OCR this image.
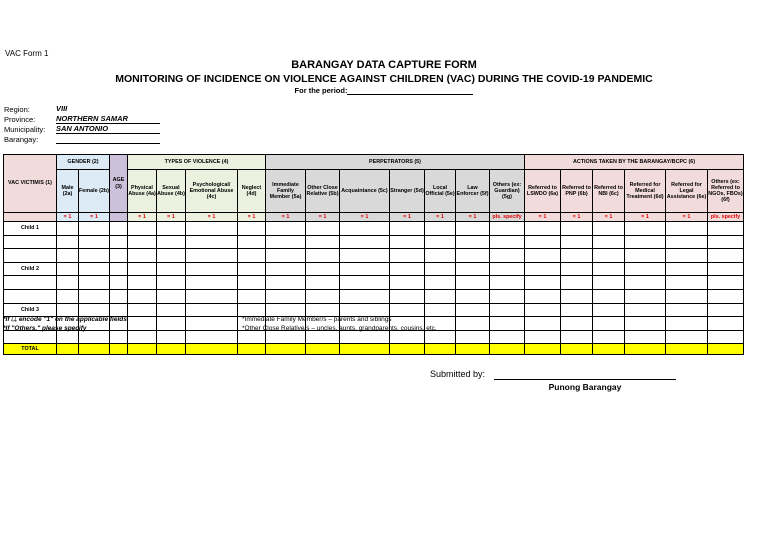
VAC Form 1
BARANGAY DATA CAPTURE FORM
MONITORING OF INCIDENCE ON VIOLENCE AGAINST CHILDREN (VAC) DURING THE COVID-19 PANDEMIC
For the period:
Region:	VIII
Province:	NORTHERN SAMAR
Municipality: SAN ANTONIO
Barangay:
VAC VICTIM/S (1)	GENDER (2)		AGE (3)	TYPES OF VIOLENCE (4)				PERPETRATORS (5)							ACTIONS TAKEN BY THE BARANGAY/BCPC (6)					
	Male (2a)	Female (2b)		Physical Abuse (4a)	Sexual Abuse (4b)	Psychological/ Emotional Abuse (4c)	Neglect (4d)	Immediate Family Member (5a)	Other Close Relative (5b)	Acquaintance (5c)	Stranger (5d)	Local Official (5e)	Law Enforcer (5f)	Others (ex: Guardian) (5g)	Referred to LSWDO (6a)	Referred to PNP (6b)	Referred to NBI (6c)	Referred for Medical Treatment (6d)	Referred for Legal Assistance (6e)	Others (ex: Referred to NGOs, FBOs) (6f)
	= 1	= 1		= 1	= 1	= 1	= 1	= 1	= 1	= 1	= 1	= 1	= 1	pls. specify	= 1	= 1	= 1	= 1	= 1	pls. specify
Child 1																				

Child 2																				

Child 3																				

TOTAL																				
*If ⎕, encode "1" on the applicable fields
*If "Others," please specify
*Immediate Family Member/s – parents and siblings
*Other Close Relative/s – uncles, aunts, grandparents, cousins, etc.
Submitted by:
Punong Barangay
